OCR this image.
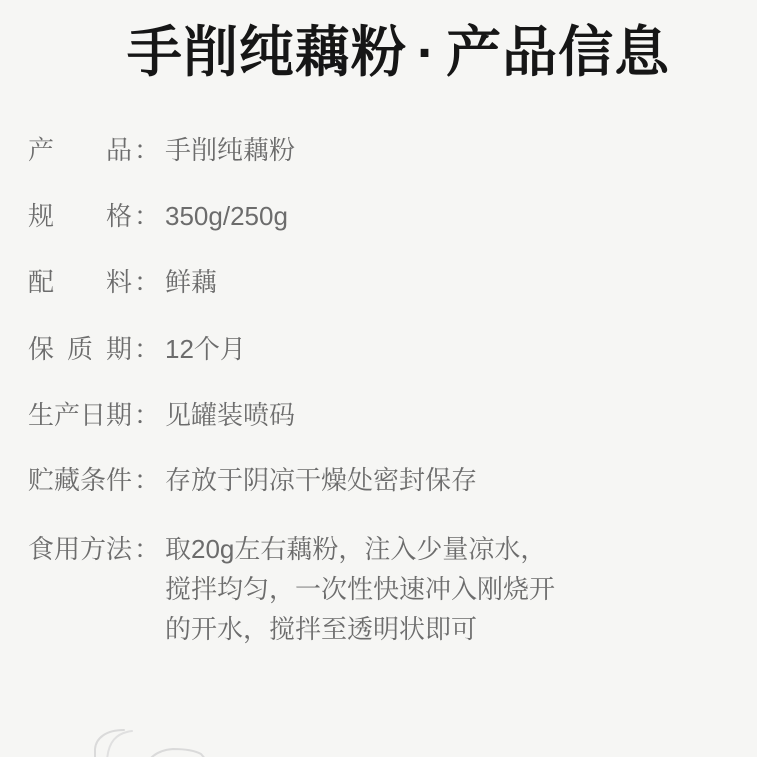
手削纯藕粉 · 产品信息
产品 ： 手削纯藕粉
规格 ： 350g/250g
配料 ： 鲜藕
保质期 ： 12个月
生产日期 ： 见罐装喷码
贮藏条件 ： 存放于阴凉干燥处密封保存
食用方法 ： 取20g左右藕粉，注入少量凉水，
搅拌均匀，一次性快速冲入刚烧开
的开水，搅拌至透明状即可
